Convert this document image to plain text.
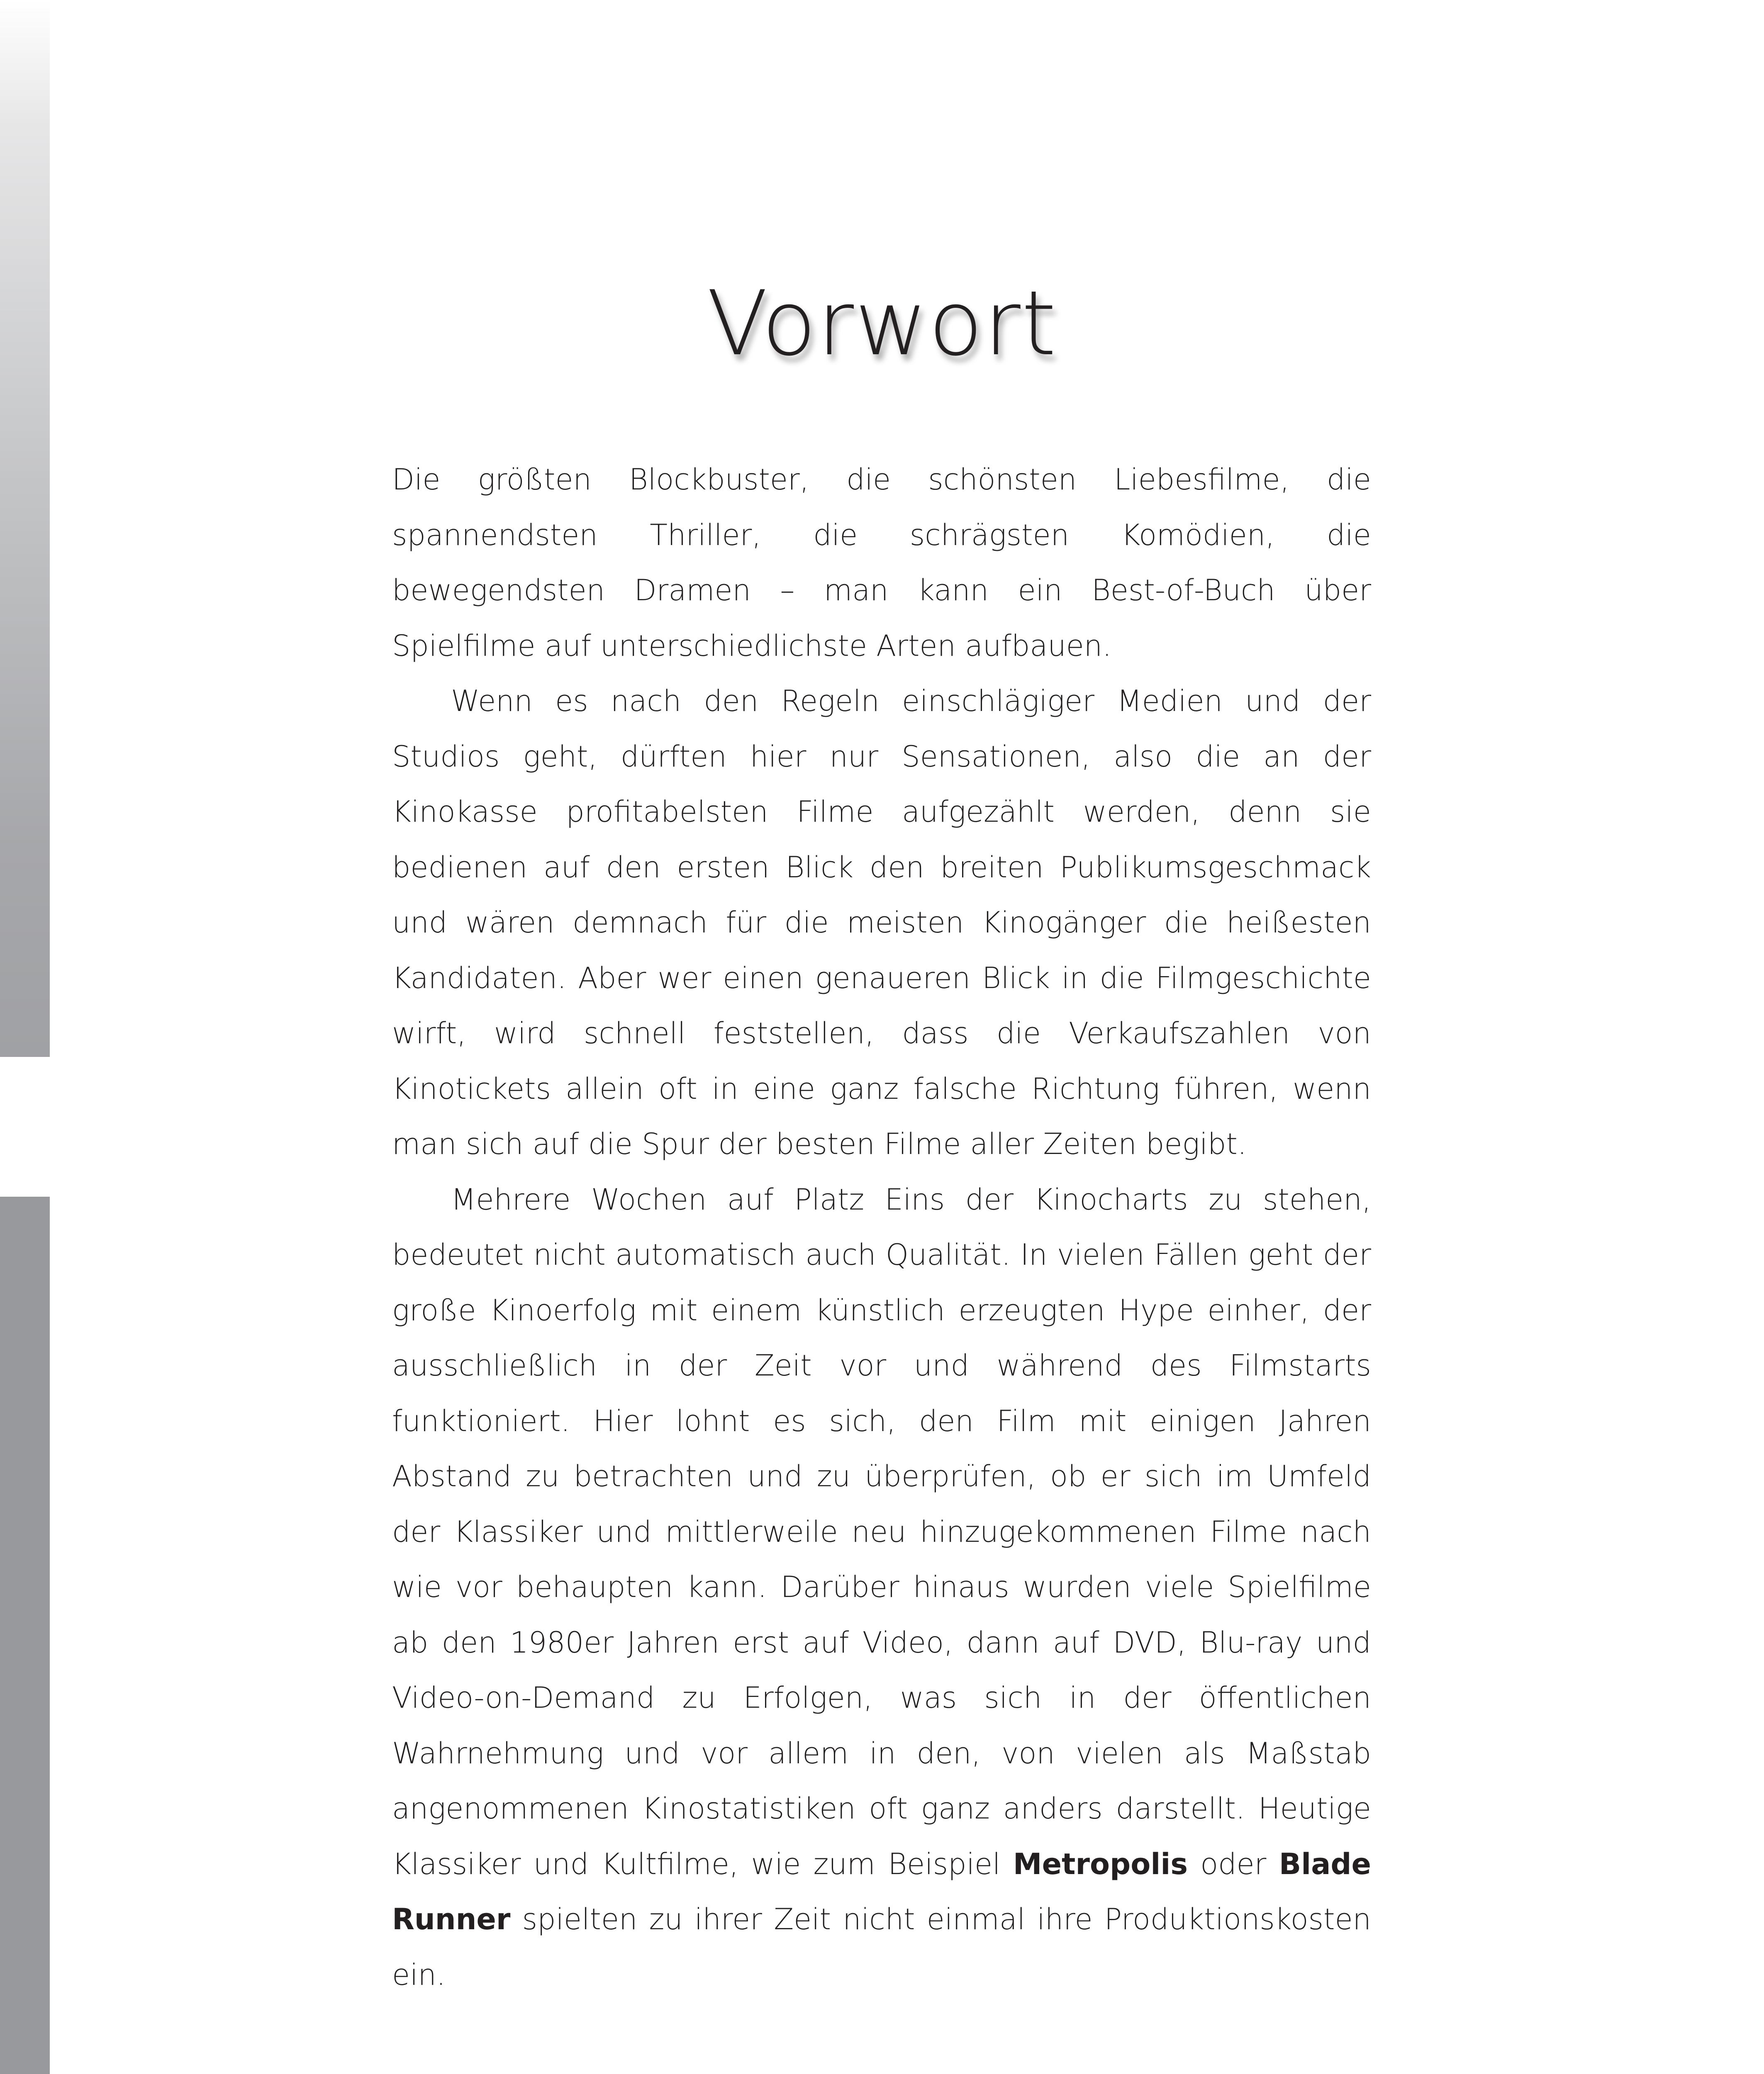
Vorwort

Die größten Blockbuster, die schönsten Liebesfilme, die spannendsten Thriller, die schrägsten Komödien, die bewegendsten Dramen – man kann ein Best-of-Buch über Spielfilme auf unterschiedlichste Arten aufbauen.

Wenn es nach den Regeln einschlägiger Medien und der Studios geht, dürften hier nur Sensationen, also die an der Kinokasse profitabelsten Filme aufgezählt werden, denn sie bedienen auf den ersten Blick den breiten Publikumsgeschmack und wären demnach für die meisten Kinogänger die heißesten Kandidaten. Aber wer einen genaueren Blick in die Filmgeschichte wirft, wird schnell feststellen, dass die Verkaufszahlen von Kinotickets allein oft in eine ganz falsche Richtung führen, wenn man sich auf die Spur der besten Filme aller Zeiten begibt.

Mehrere Wochen auf Platz Eins der Kinocharts zu stehen, bedeutet nicht automatisch auch Qualität. In vielen Fällen geht der große Kinoerfolg mit einem künstlich erzeugten Hype einher, der ausschließlich in der Zeit vor und während des Filmstarts funktioniert. Hier lohnt es sich, den Film mit einigen Jahren Abstand zu betrachten und zu überprüfen, ob er sich im Umfeld der Klassiker und mittlerweile neu hinzugekommenen Filme nach wie vor behaupten kann. Darüber hinaus wurden viele Spielfilme ab den 1980er Jahren erst auf Video, dann auf DVD, Blu-ray und Video-on-Demand zu Erfolgen, was sich in der öffentlichen Wahrnehmung und vor allem in den, von vielen als Maßstab angenommenen Kinostatistiken oft ganz anders darstellt. Heutige Klassiker und Kultfilme, wie zum Beispiel Metropolis oder Blade Runner spielten zu ihrer Zeit nicht einmal ihre Produktionskosten ein.
